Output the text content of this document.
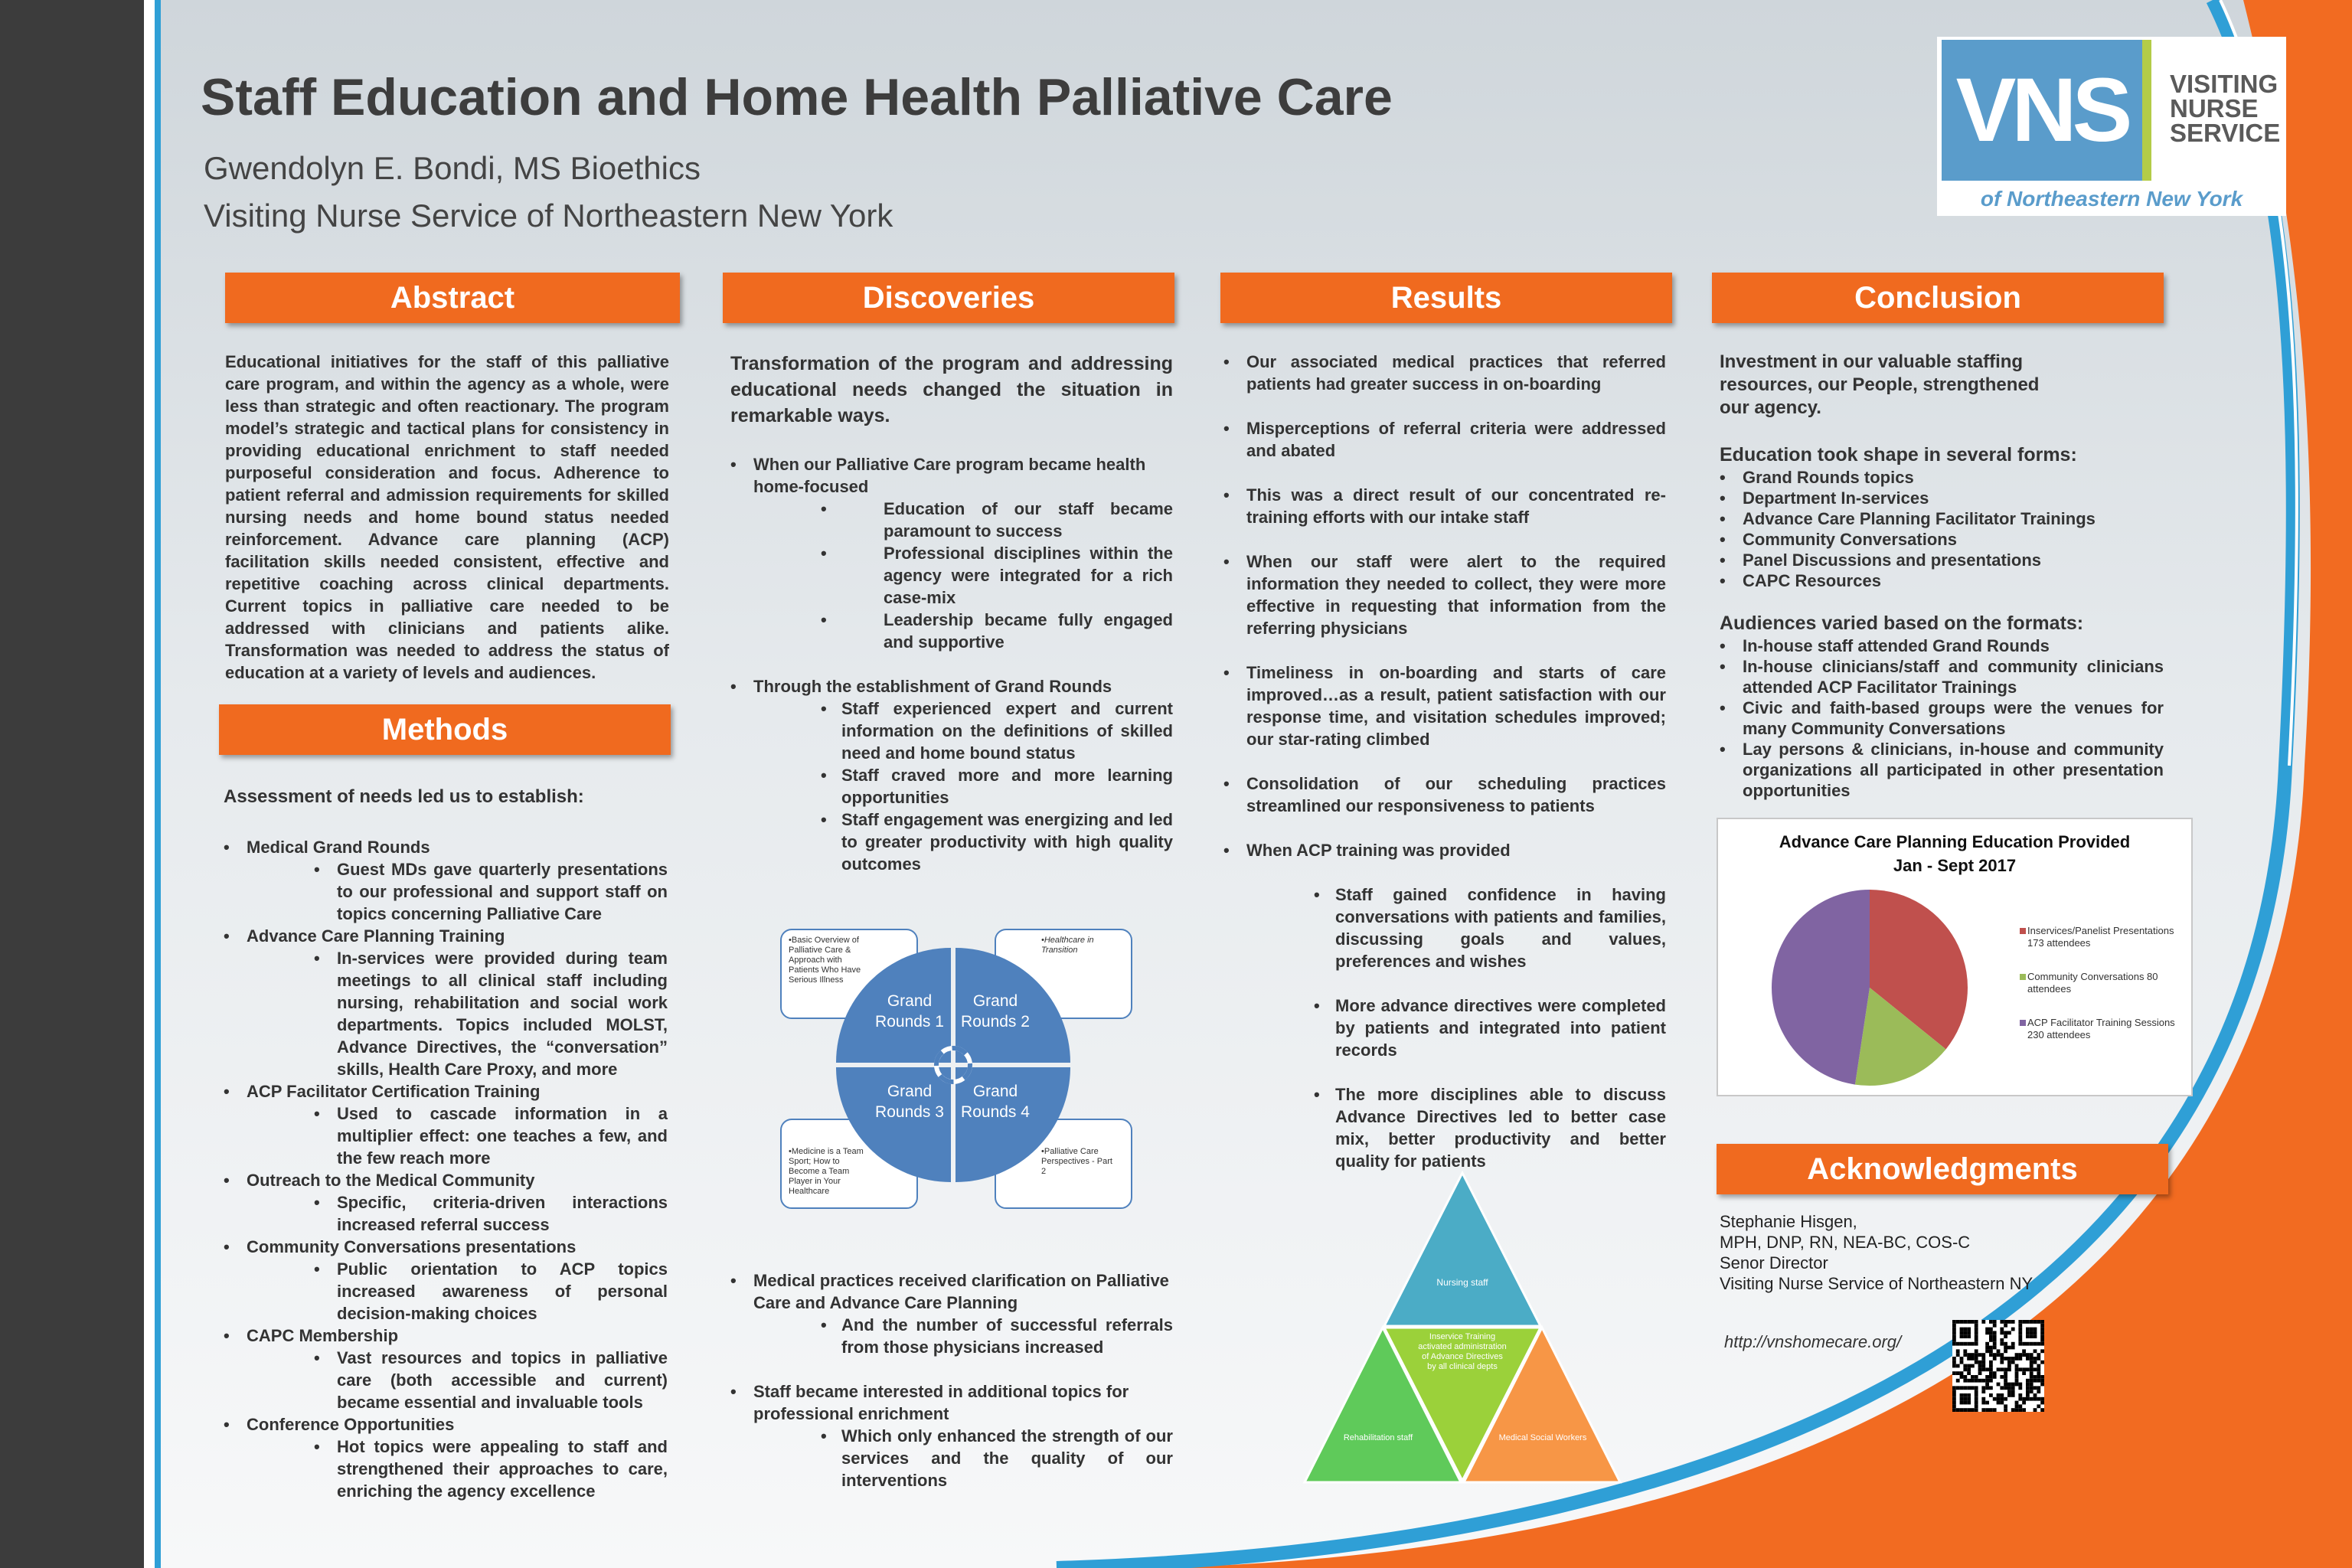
Staff Education and Home Health Palliative Care
Gwendolyn E. Bondi, MS Bioethics
Visiting Nurse Service of Northeastern New York
VNS	VISITING
NURSE
SERVICE
of Northeastern New York
Abstract	Discoveries	Results	Conclusion
Methods
Acknowledgments
Educational initiatives for the staff of this palliative care program, and within the agency as a whole, were less than strategic and often reactionary. The program model’s strategic and tactical plans for consistency in providing educational enrichment to staff needed purposeful consideration and focus. Adherence to patient referral and admission requirements for skilled nursing needs and home bound status needed reinforcement. Advance care planning (ACP) facilitation skills needed consistent, effective and repetitive coaching across clinical departments. Current topics in palliative care needed to be addressed with clinicians and patients alike. Transformation was needed to address the status of education at a variety of levels and audiences.
Assessment of needs led us to establish:
• Medical Grand Rounds
• Guest MDs gave quarterly presentations to our professional and support staff on topics concerning Palliative Care
• Advance Care Planning Training
• In-services were provided during team meetings to all clinical staff including nursing, rehabilitation and social work departments. Topics included MOLST, Advance Directives, the “conversation” skills, Health Care Proxy, and more
• ACP Facilitator Certification Training
• Used to cascade information in a multiplier effect: one teaches a few, and the few reach more
• Outreach to the Medical Community
• Specific, criteria-driven interactions increased referral success
• Community Conversations presentations
• Public orientation to ACP topics increased awareness of personal decision-making choices
• CAPC Membership
• Vast resources and topics in palliative care (both accessible and current) became essential and invaluable tools
• Conference Opportunities
• Hot topics were appealing to staff and strengthened their approaches to care, enriching the agency excellence
Transformation of the program and addressing educational needs changed the situation in remarkable ways.
• When our Palliative Care program became health home-focused
• Education of our staff became paramount to success
• Professional disciplines within the agency were integrated for a rich case-mix
• Leadership became fully engaged and supportive
• Through the establishment of Grand Rounds
• Staff experienced expert and current information on the definitions of skilled need and home bound status
• Staff craved more and more learning opportunities
• Staff engagement was energizing and led to greater productivity with high quality outcomes
Grand Rounds 1
Grand Rounds 2
Grand Rounds 3
Grand Rounds 4
•Basic Overview of Palliative Care & Approach with Patients Who Have Serious Illness
•Healthcare in Transition
•Medicine is a Team Sport; How to Become a Team Player in Your Healthcare
•Palliative Care Perspectives - Part 2
• Medical practices received clarification on Palliative Care and Advance Care Planning
• And the number of successful referrals from those physicians increased
• Staff became interested in additional topics for professional enrichment
• Which only enhanced the strength of our services and the quality of our interventions
• Our associated medical practices that referred patients had greater success in on-boarding
• Misperceptions of referral criteria were addressed and abated
• This was a direct result of our concentrated re-training efforts with our intake staff
• When our staff were alert to the required information they needed to collect, they were more effective in requesting that information from the referring physicians
• Timeliness in on-boarding and starts of care improved…as a result, patient satisfaction with our response time, and visitation schedules improved; our star-rating climbed
• Consolidation of our scheduling practices streamlined our responsiveness to patients
• When ACP training was provided
• Staff gained confidence in having conversations with patients and families, discussing goals and values, preferences and wishes
• More advance directives were completed by patients and integrated into patient records
• The more disciplines able to discuss Advance Directives led to better case mix, better productivity and better quality for patients
Nursing staff
Inservice Training activated administration of Advance Directives by all clinical depts
Rehabilitation staff	Medical Social Workers
Investment in our valuable staffing resources, our People, strengthened our agency.
Education took shape in several forms:
• Grand Rounds topics
• Department In-services
• Advance Care Planning Facilitator Trainings
• Community Conversations
• Panel Discussions and presentations
• CAPC Resources
Audiences varied based on the formats:
• In-house staff attended Grand Rounds
• In-house clinicians/staff and community clinicians attended ACP Facilitator Trainings
• Civic and faith-based groups were the venues for many Community Conversations
• Lay persons & clinicians, in-house and community organizations all participated in other presentation opportunities
Advance Care Planning Education Provided
Jan - Sept 2017
Inservices/Panelist Presentations 173 attendees
Community Conversations 80 attendees
ACP Facilitator Training Sessions 230 attendees
Stephanie Hisgen,
MPH, DNP, RN, NEA-BC, COS-C
Senor Director
Visiting Nurse Service of Northeastern NY
http://vnshomecare.org/
